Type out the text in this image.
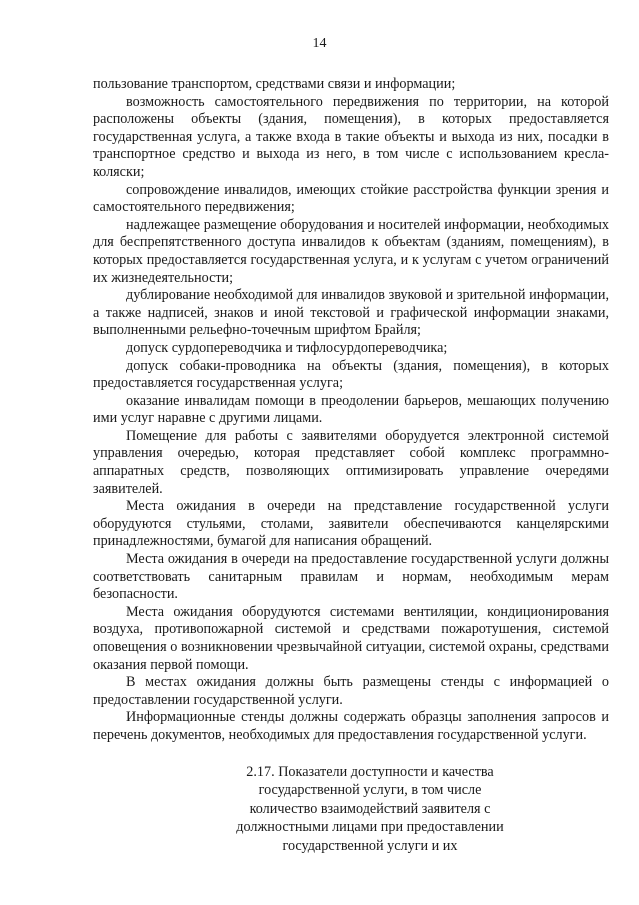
14

пользование транспортом, средствами связи и информации;

возможность самостоятельного передвижения по территории, на которой расположены объекты (здания, помещения), в которых предоставляется государственная услуга, а также входа в такие объекты и выхода из них, посадки в транспортное средство и выхода из него, в том числе с использованием кресла-коляски;

сопровождение инвалидов, имеющих стойкие расстройства функции зрения и самостоятельного передвижения;

надлежащее размещение оборудования и носителей информации, необходимых для беспрепятственного доступа инвалидов к объектам (зданиям, помещениям), в которых предоставляется государственная услуга, и к услугам с учетом ограничений их жизнедеятельности;

дублирование необходимой для инвалидов звуковой и зрительной информации, а также надписей, знаков и иной текстовой и графической информации знаками, выполненными рельефно-точечным шрифтом Брайля;

допуск сурдопереводчика и тифлосурдопереводчика;

допуск собаки-проводника на объекты (здания, помещения), в которых предоставляется государственная услуга;

оказание инвалидам помощи в преодолении барьеров, мешающих получению ими услуг наравне с другими лицами.

Помещение для работы с заявителями оборудуется электронной системой управления очередью, которая представляет собой комплекс программно-аппаратных средств, позволяющих оптимизировать управление очередями заявителей.

Места ожидания в очереди на представление государственной услуги оборудуются стульями, столами, заявители обеспечиваются канцелярскими принадлежностями, бумагой для написания обращений.

Места ожидания в очереди на предоставление государственной услуги должны соответствовать санитарным правилам и нормам, необходимым мерам безопасности.

Места ожидания оборудуются системами вентиляции, кондиционирования воздуха, противопожарной системой и средствами пожаротушения, системой оповещения о возникновении чрезвычайной ситуации, системой охраны, средствами оказания первой помощи.

В местах ожидания должны быть размещены стенды с информацией о предоставлении государственной услуги.

Информационные стенды должны содержать образцы заполнения запросов и перечень документов, необходимых для предоставления государственной услуги.

2.17. Показатели доступности и качества
государственной услуги, в том числе
количество взаимодействий заявителя с
должностными лицами при предоставлении
государственной услуги и их
